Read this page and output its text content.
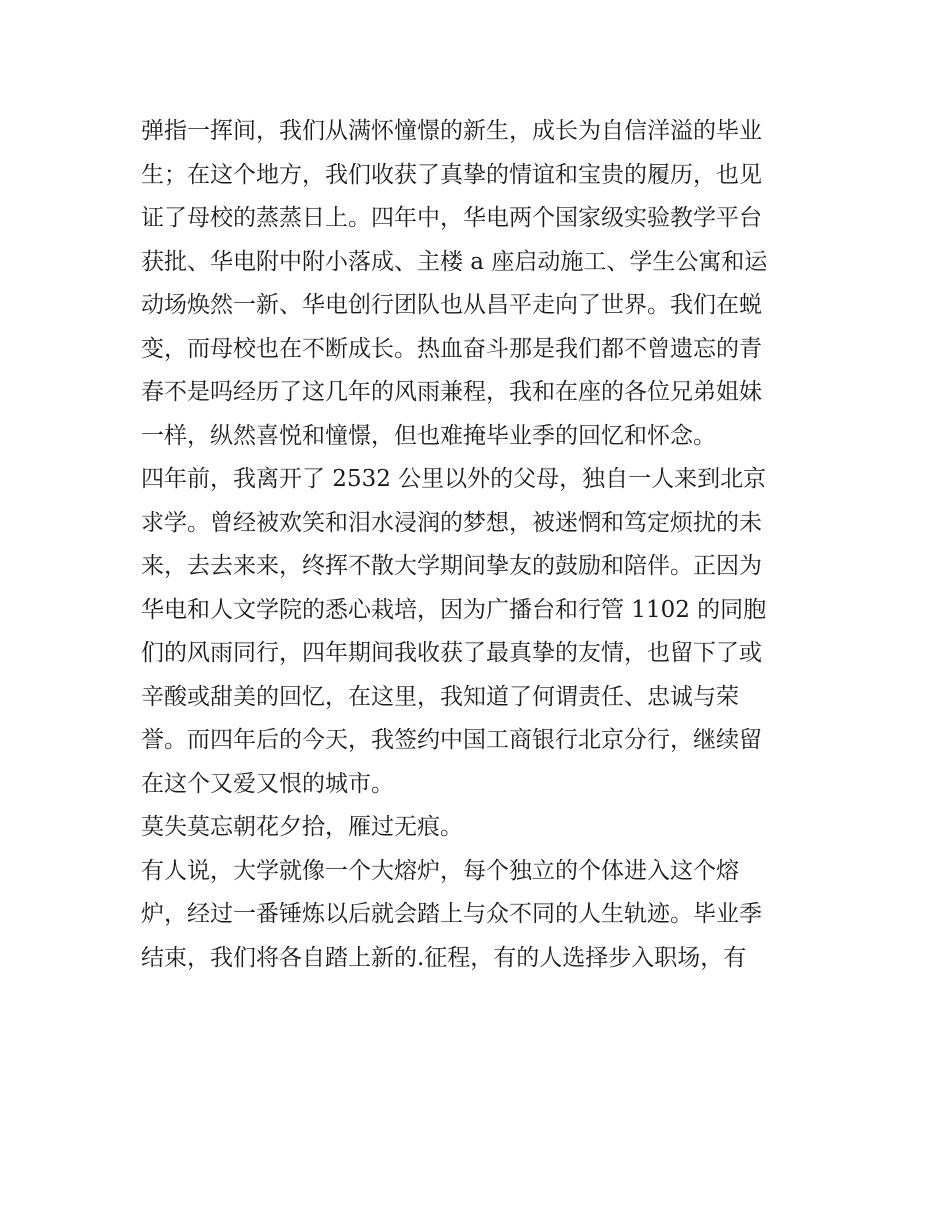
弹指一挥间，我们从满怀憧憬的新生，成长为自信洋溢的毕业
生；在这个地方，我们收获了真挚的情谊和宝贵的履历，也见
证了母校的蒸蒸日上。四年中，华电两个国家级实验教学平台
获批、华电附中附小落成、主楼 a 座启动施工、学生公寓和运
动场焕然一新、华电创行团队也从昌平走向了世界。我们在蜕
变，而母校也在不断成长。热血奋斗那是我们都不曾遗忘的青
春不是吗经历了这几年的风雨兼程，我和在座的各位兄弟姐妹
一样，纵然喜悦和憧憬，但也难掩毕业季的回忆和怀念。
四年前，我离开了 2532 公里以外的父母，独自一人来到北京
求学。曾经被欢笑和泪水浸润的梦想，被迷惘和笃定烦扰的未
来，去去来来，终挥不散大学期间挚友的鼓励和陪伴。正因为
华电和人文学院的悉心栽培，因为广播台和行管 1102 的同胞
们的风雨同行，四年期间我收获了最真挚的友情，也留下了或
辛酸或甜美的回忆，在这里，我知道了何谓责任、忠诚与荣
誉。而四年后的今天，我签约中国工商银行北京分行，继续留
在这个又爱又恨的城市。
莫失莫忘朝花夕拾，雁过无痕。
有人说，大学就像一个大熔炉，每个独立的个体进入这个熔
炉，经过一番锤炼以后就会踏上与众不同的人生轨迹。毕业季
结束，我们将各自踏上新的.征程，有的人选择步入职场，有
